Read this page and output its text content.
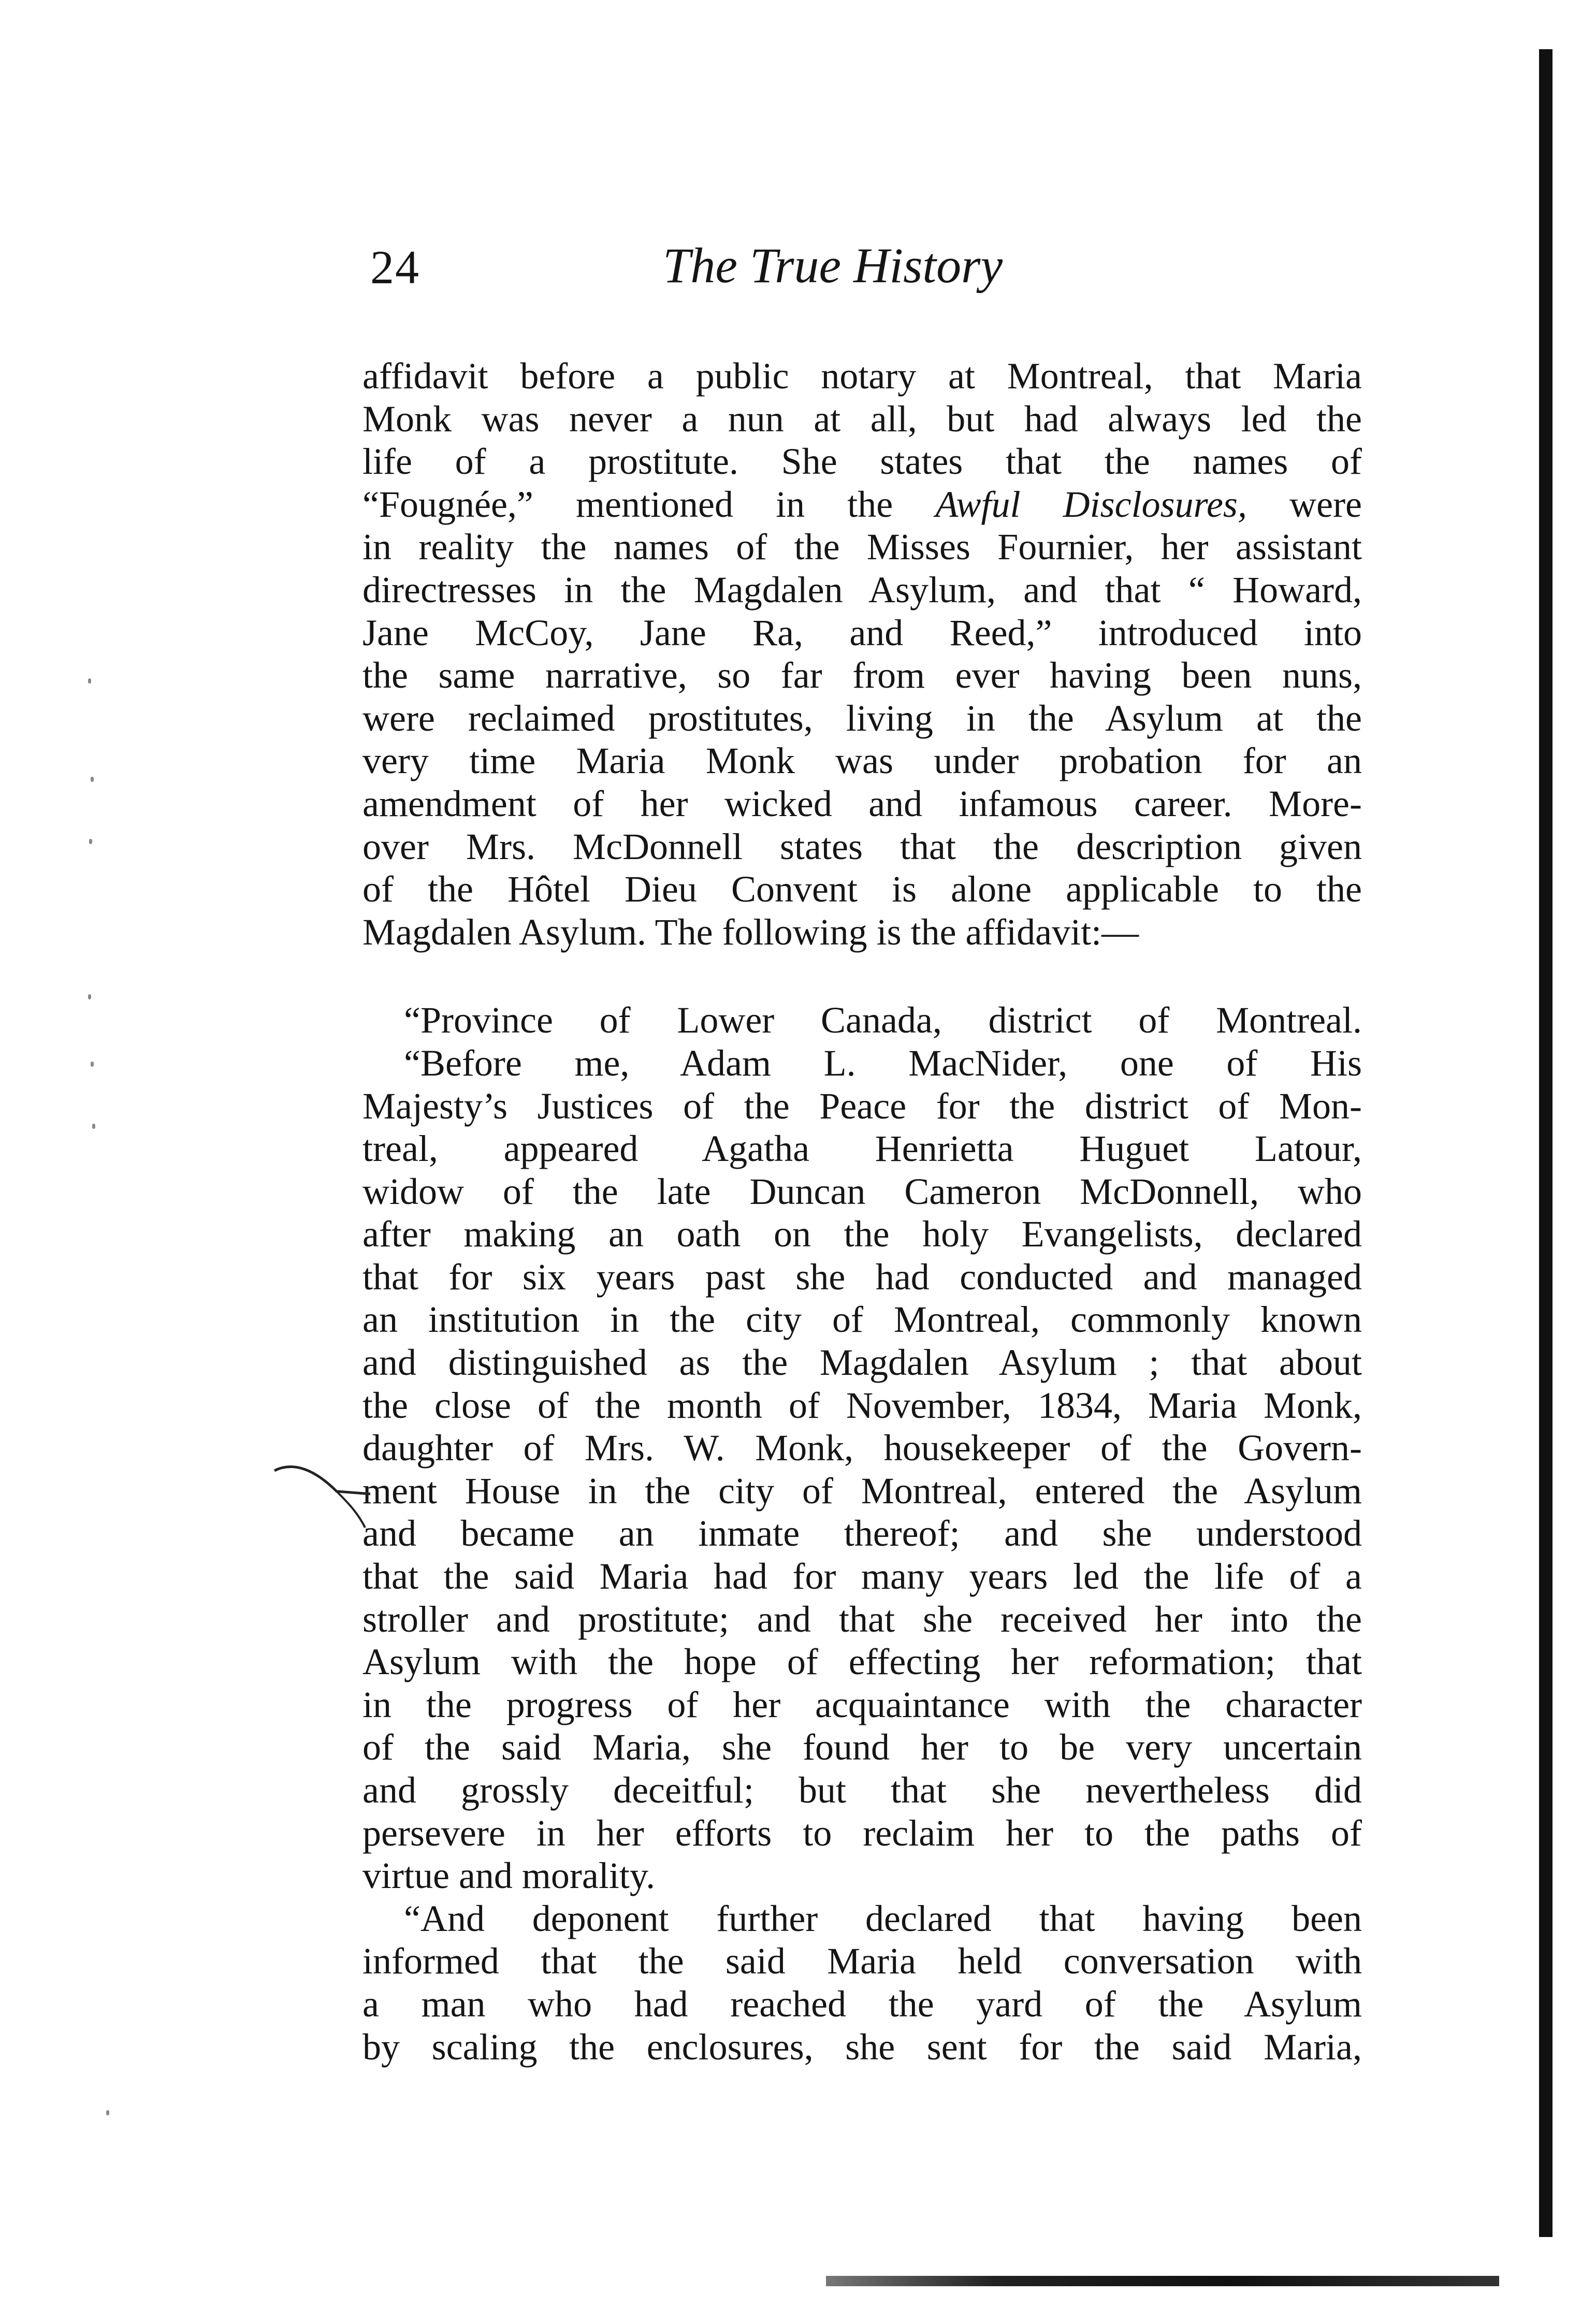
24	The True History
affidavit before a public notary at Montreal, that Maria
Monk was never a nun at all, but had always led the
life of a prostitute. She states that the names of
“Fougnée,” mentioned in the Awful Disclosures, were
in reality the names of the Misses Fournier, her assistant
directresses in the Magdalen Asylum, and that “ Howard,
Jane McCoy, Jane Ra, and Reed,” introduced into
the same narrative, so far from ever having been nuns,
were reclaimed prostitutes, living in the Asylum at the
very time Maria Monk was under probation for an
amendment of her wicked and infamous career. More-
over Mrs. McDonnell states that the description given
of the Hôtel Dieu Convent is alone applicable to the
Magdalen Asylum. The following is the affidavit:—
“Province of Lower Canada, district of Montreal.
“Before me, Adam L. MacNider, one of His
Majesty’s Justices of the Peace for the district of Mon-
treal, appeared Agatha Henrietta Huguet Latour,
widow of the late Duncan Cameron McDonnell, who
after making an oath on the holy Evangelists, declared
that for six years past she had conducted and managed
an institution in the city of Montreal, commonly known
and distinguished as the Magdalen Asylum ; that about
the close of the month of November, 1834, Maria Monk,
daughter of Mrs. W. Monk, housekeeper of the Govern-
ment House in the city of Montreal, entered the Asylum
and became an inmate thereof; and she understood
that the said Maria had for many years led the life of a
stroller and prostitute; and that she received her into the
Asylum with the hope of effecting her reformation; that
in the progress of her acquaintance with the character
of the said Maria, she found her to be very uncertain
and grossly deceitful; but that she nevertheless did
persevere in her efforts to reclaim her to the paths of
virtue and morality.
“And deponent further declared that having been
informed that the said Maria held conversation with
a man who had reached the yard of the Asylum
by scaling the enclosures, she sent for the said Maria,
